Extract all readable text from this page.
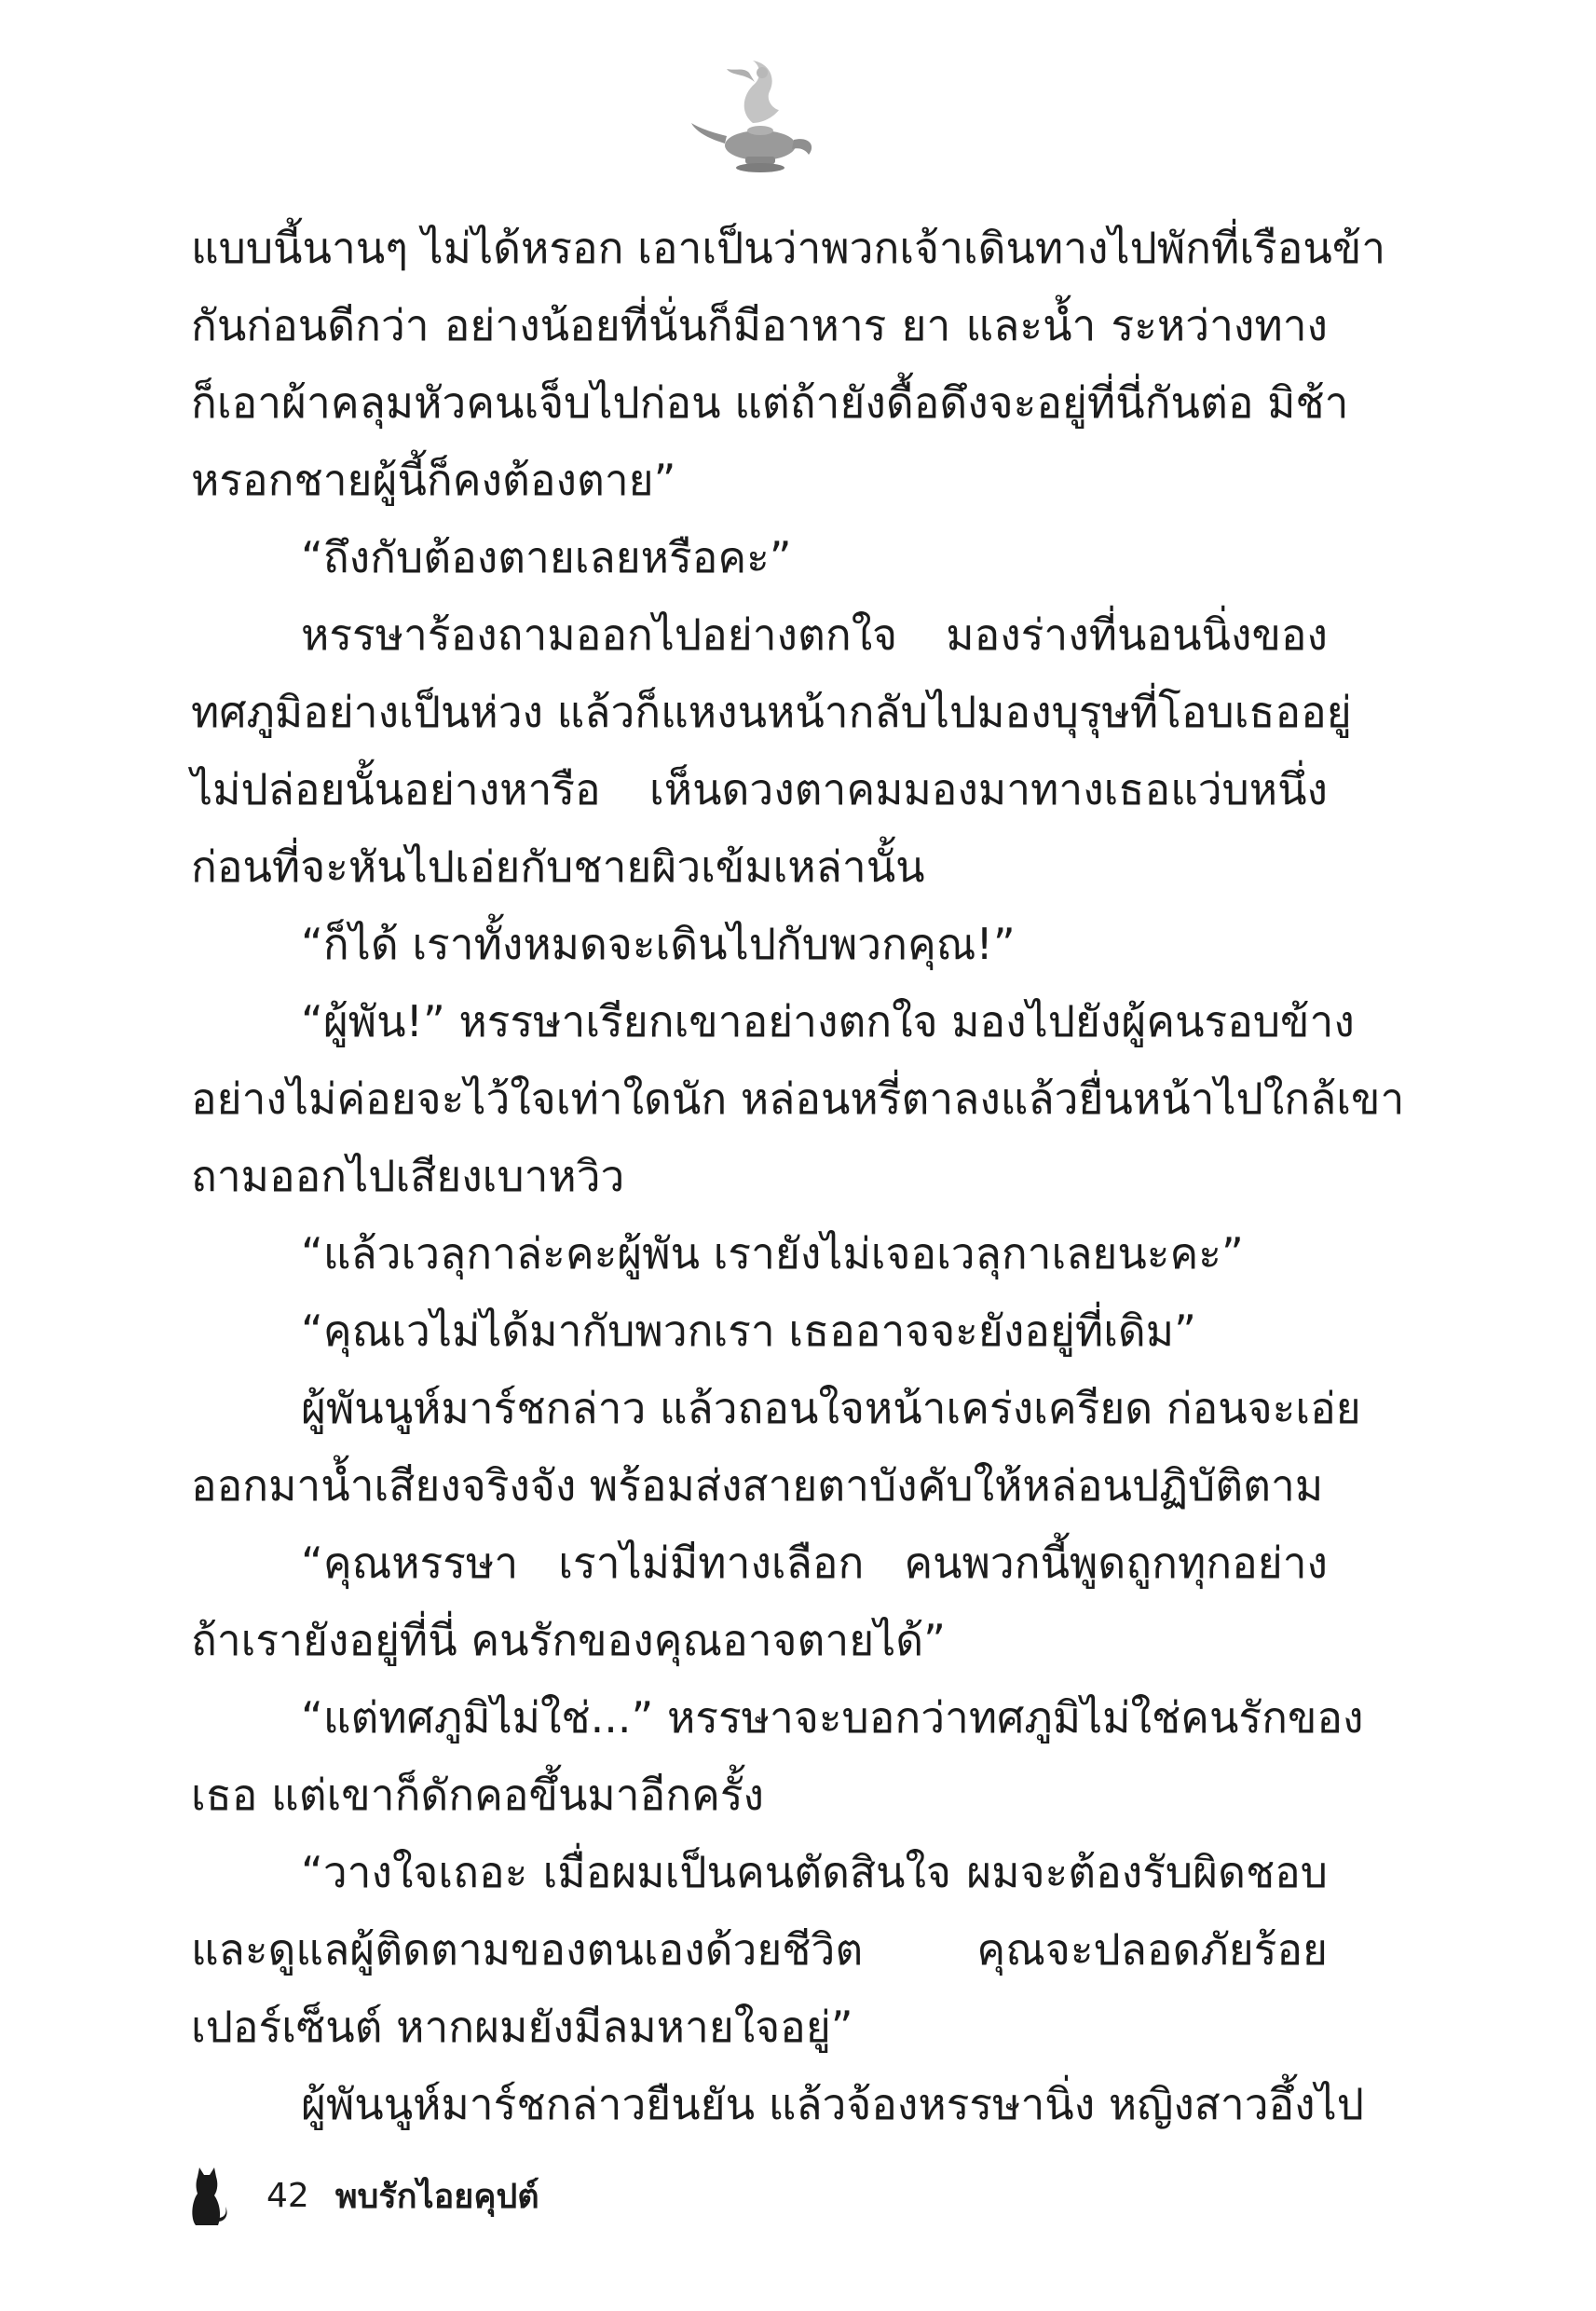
แบบนี้นานๆ ไม่ได้หรอก เอาเป็นว่าพวกเจ้าเดินทางไปพักที่เรือนข้า
กันก่อนดีกว่า อย่างน้อยที่นั่นก็มีอาหาร ยา และน้ำ ระหว่างทาง
ก็เอาผ้าคลุมหัวคนเจ็บไปก่อน แต่ถ้ายังดื้อดึงจะอยู่ที่นี่กันต่อ มิช้า
หรอกชายผู้นี้ก็คงต้องตาย”
“ถึงกับต้องตายเลยหรือคะ”
หรรษาร้องถามออกไปอย่างตกใจ มองร่างที่นอนนิ่งของ
ทศภูมิอย่างเป็นห่วง แล้วก็แหงนหน้ากลับไปมองบุรุษที่โอบเธออยู่
ไม่ปล่อยนั้นอย่างหารือ เห็นดวงตาคมมองมาทางเธอแว่บหนึ่ง
ก่อนที่จะหันไปเอ่ยกับชายผิวเข้มเหล่านั้น
“ก็ได้ เราทั้งหมดจะเดินไปกับพวกคุณ!”
“ผู้พัน!” หรรษาเรียกเขาอย่างตกใจ มองไปยังผู้คนรอบข้าง
อย่างไม่ค่อยจะไว้ใจเท่าใดนัก หล่อนหรี่ตาลงแล้วยื่นหน้าไปใกล้เขา
ถามออกไปเสียงเบาหวิว
“แล้วเวลุกาล่ะคะผู้พัน เรายังไม่เจอเวลุกาเลยนะคะ”
“คุณเวไม่ได้มากับพวกเรา เธออาจจะยังอยู่ที่เดิม”
ผู้พันนูห์มาร์ชกล่าว แล้วถอนใจหน้าเคร่งเครียด ก่อนจะเอ่ย
ออกมาน้ำเสียงจริงจัง พร้อมส่งสายตาบังคับให้หล่อนปฏิบัติตาม
“คุณหรรษา เราไม่มีทางเลือก คนพวกนี้พูดถูกทุกอย่าง
ถ้าเรายังอยู่ที่นี่ คนรักของคุณอาจตายได้”
“แต่ทศภูมิไม่ใช่...” หรรษาจะบอกว่าทศภูมิไม่ใช่คนรักของ
เธอ แต่เขาก็ดักคอขึ้นมาอีกครั้ง
“วางใจเถอะ เมื่อผมเป็นคนตัดสินใจ ผมจะต้องรับผิดชอบ
และดูแลผู้ติดตามของตนเองด้วยชีวิต คุณจะปลอดภัยร้อย
เปอร์เซ็นต์ หากผมยังมีลมหายใจอยู่”
ผู้พันนูห์มาร์ชกล่าวยืนยัน แล้วจ้องหรรษานิ่ง หญิงสาวอึ้งไป
42 พบรักไอยคุปต์
